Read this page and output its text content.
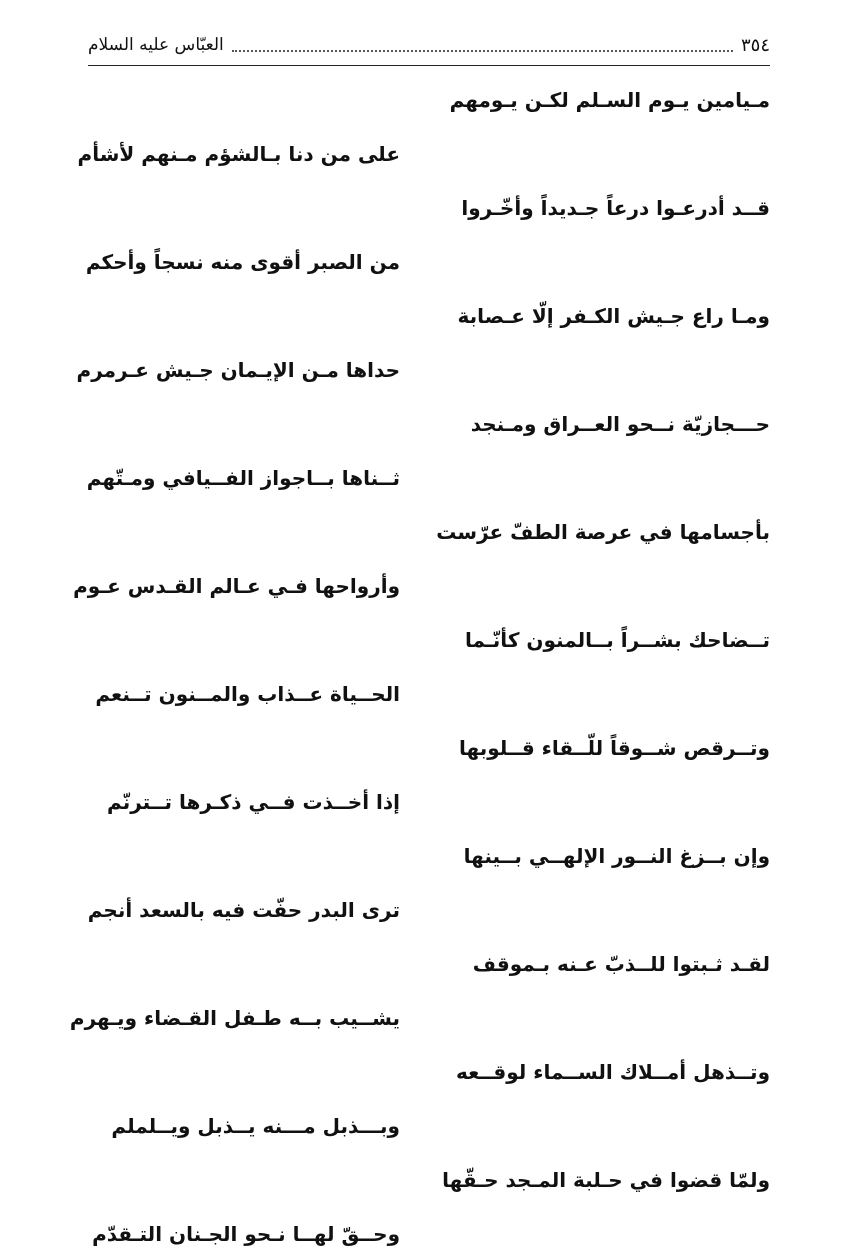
٣٥٤
العبّاس عليه السلام
مـيامين يـوم السـلم لكـن يـومهم
على من دنا بـالشؤم مـنهم لأشأم
قــد أدرعـوا درعاً جـديداً وأخّـروا
من الصبر أقوى منه نسجاً وأحكم
ومـا راع جـيش الكـفر إلّا عـصابة
حداها مـن الإيـمان جـيش عـرمرم
حـــجازيّة نــحو العــراق ومـنجد
ثــناها بــاجواز الفــيافي ومـتّهم
بأجسامها في عرصة الطفّ عرّست
وأرواحها فـي عـالم القـدس عـوم
تــضاحك بشــراً بــالمنون كأنّـما
الحــياة عــذاب والمــنون تــنعم
وتــرقص شــوقاً للّــقاء قــلوبها
إذا أخــذت فــي ذكـرها تــترنّم
وإن بــزغ النــور الإلهــي بــينها
ترى البدر حفّت فيه بالسعد أنجم
لقـد ثـبتوا للــذبّ عـنه بـموقف
يشــيب بــه طـفل القـضاء ويـهرم
وتــذهل أمــلاك الســماء لوقــعه
وبـــذبل مـــنه يــذبل ويــلملم
ولمّا قضوا في حـلبة المـجد حـقّها
وحــقّ لهــا نـحو الجـنان التـقدّم
